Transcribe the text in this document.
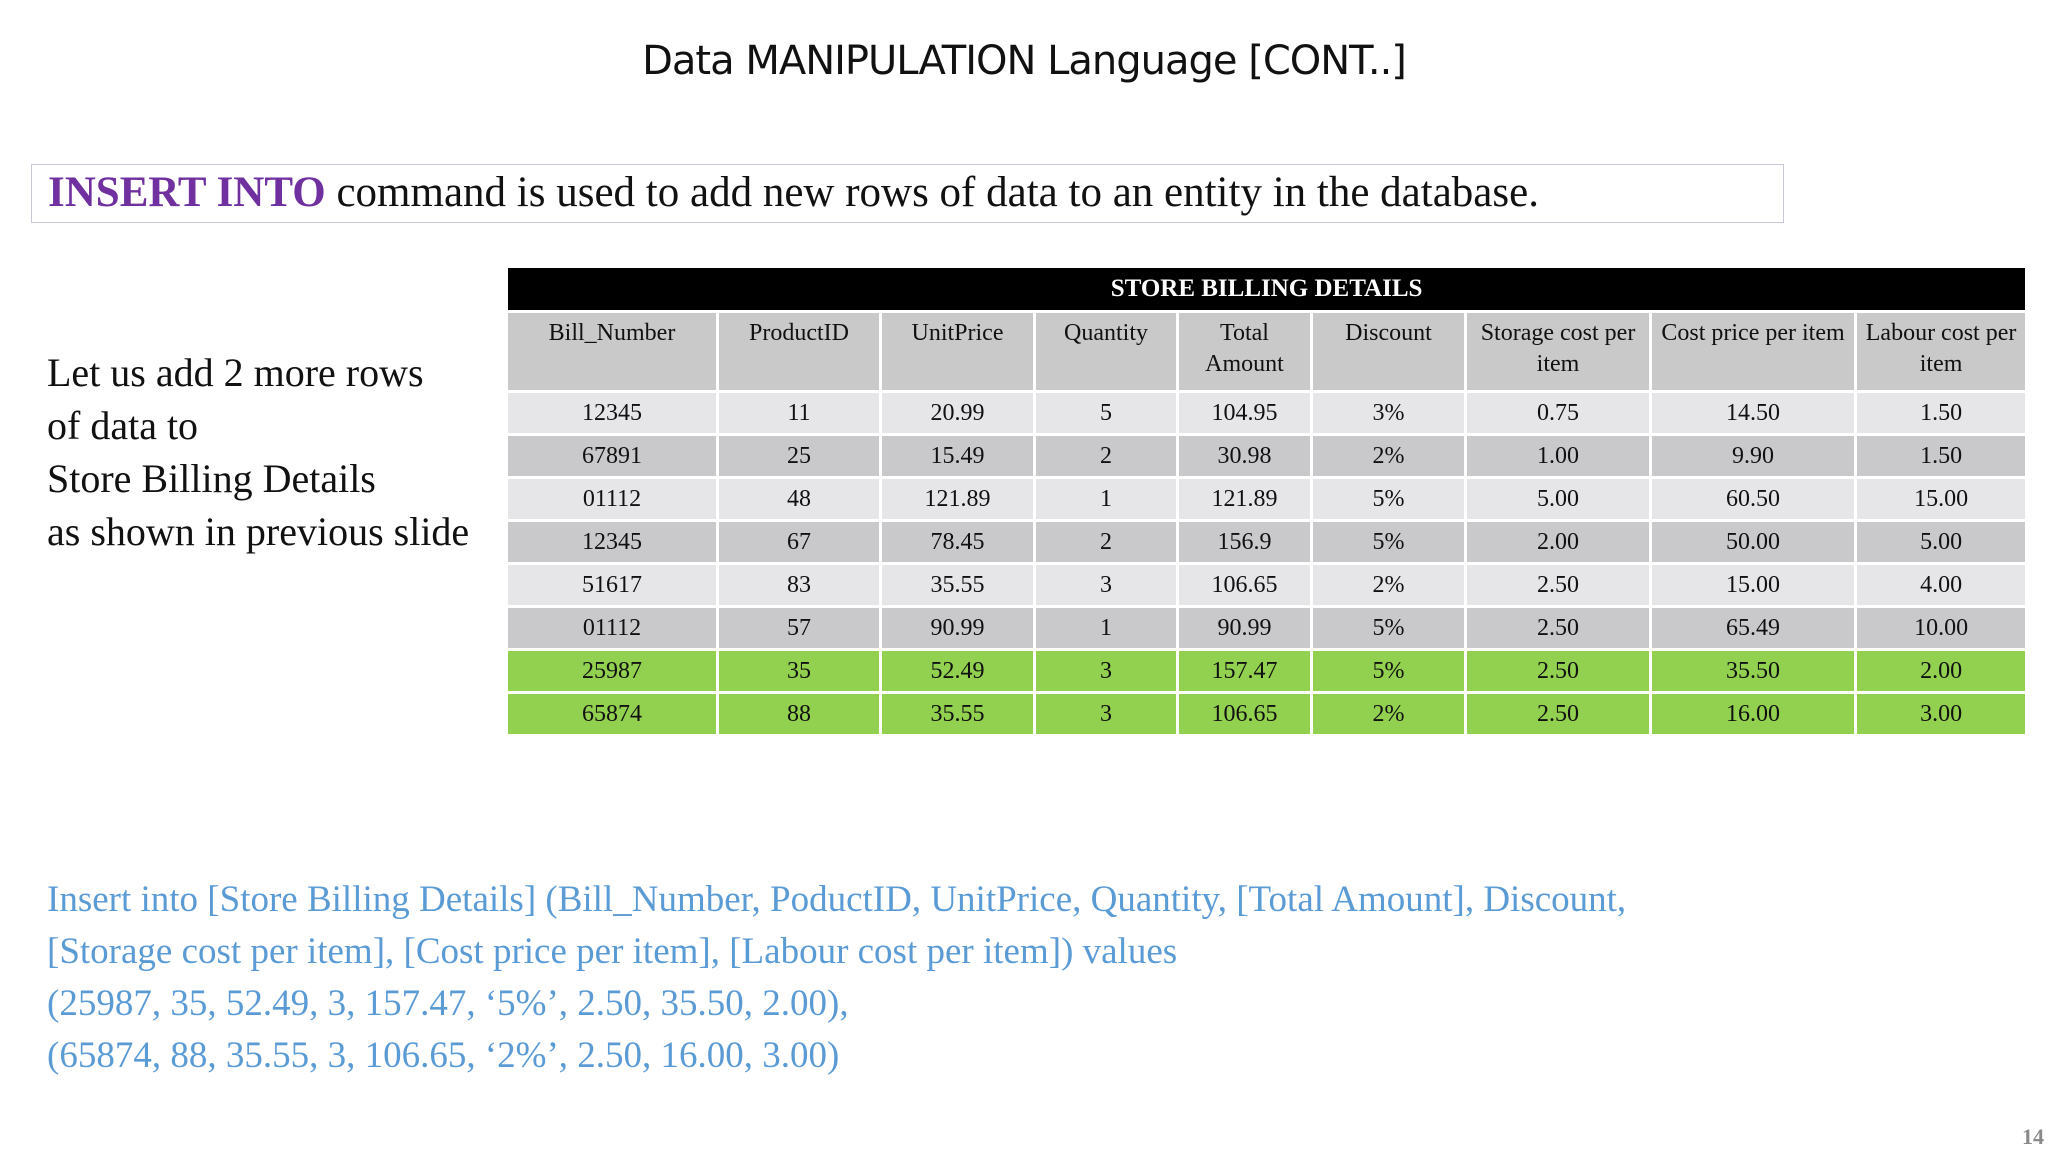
Data MANIPULATION Language [CONT..]
INSERT INTO command is used to add new rows of data to an entity in the database.
Let us add 2 more rows
of data to
Store Billing Details
as shown in previous slide
STORE BILLING DETAILS								
Bill_Number	ProductID	UnitPrice	Quantity	Total Amount	Discount	Storage cost per item	Cost price per item	Labour cost per item
12345	11	20.99	5	104.95	3%	0.75	14.50	1.50
67891	25	15.49	2	30.98	2%	1.00	9.90	1.50
01112	48	121.89	1	121.89	5%	5.00	60.50	15.00
12345	67	78.45	2	156.9	5%	2.00	50.00	5.00
51617	83	35.55	3	106.65	2%	2.50	15.00	4.00
01112	57	90.99	1	90.99	5%	2.50	65.49	10.00
25987	35	52.49	3	157.47	5%	2.50	35.50	2.00
65874	88	35.55	3	106.65	2%	2.50	16.00	3.00
Insert into [Store Billing Details] (Bill_Number, PoductID, UnitPrice, Quantity, [Total Amount], Discount,
[Storage cost per item], [Cost price per item], [Labour cost per item]) values
(25987, 35, 52.49, 3, 157.47, ‘5%’, 2.50, 35.50, 2.00),
(65874, 88, 35.55, 3, 106.65, ‘2%’, 2.50, 16.00, 3.00)
14
